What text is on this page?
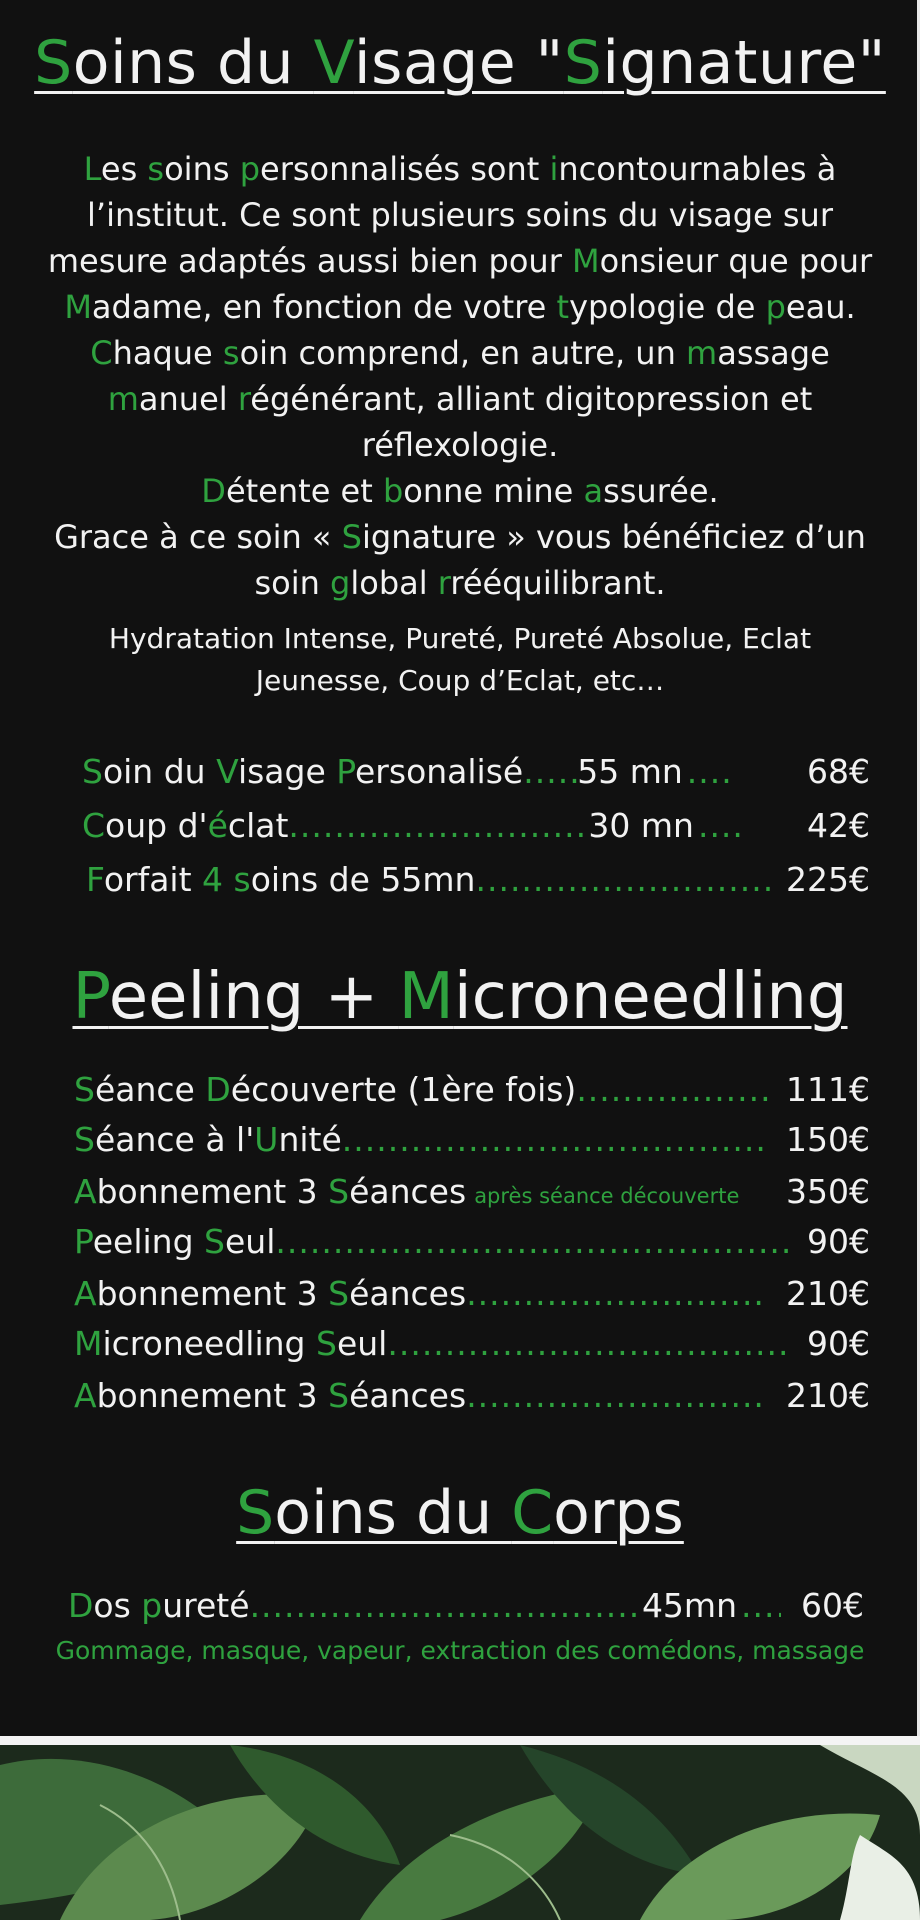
Soins du Visage "Signature"

Les soins personnalisés sont incontournables à

l’institut. Ce sont plusieurs soins du visage sur

mesure adaptés aussi bien pour Monsieur que pour

Madame, en fonction de votre typologie de peau.

Chaque soin comprend, en autre, un massage

manuel régénérant, alliant digitopression et

réflexologie.

Détente et bonne mine assurée.

Grace à ce soin « Signature » vous bénéficiez d’un

soin global rrééquilibrant.

Hydratation Intense, Pureté, Pureté Absolue, Eclat
Jeunesse, Coup d’Eclat, etc…
Soin du Visage Personalisé ..... 55 mn .....	68€
Coup d'éclat .....	30 mn .....	42€
Forfait 4 soins de 55mn .....	225€
Peeling + Microneedling
Séance Découverte (1ère fois) .....	111€
Séance à l'Unité .....	150€
Abonnement 3 Séances après séance découverte 350€
Peeling Seul .....	90€
Abonnement 3 Séances .....	210€
Microneedling Seul .....	90€
Abonnement 3 Séances .....	210€
Soins du Corps
Dos pureté .....	45mn ..... 60€
Gommage, masque, vapeur, extraction des comédons, massage
